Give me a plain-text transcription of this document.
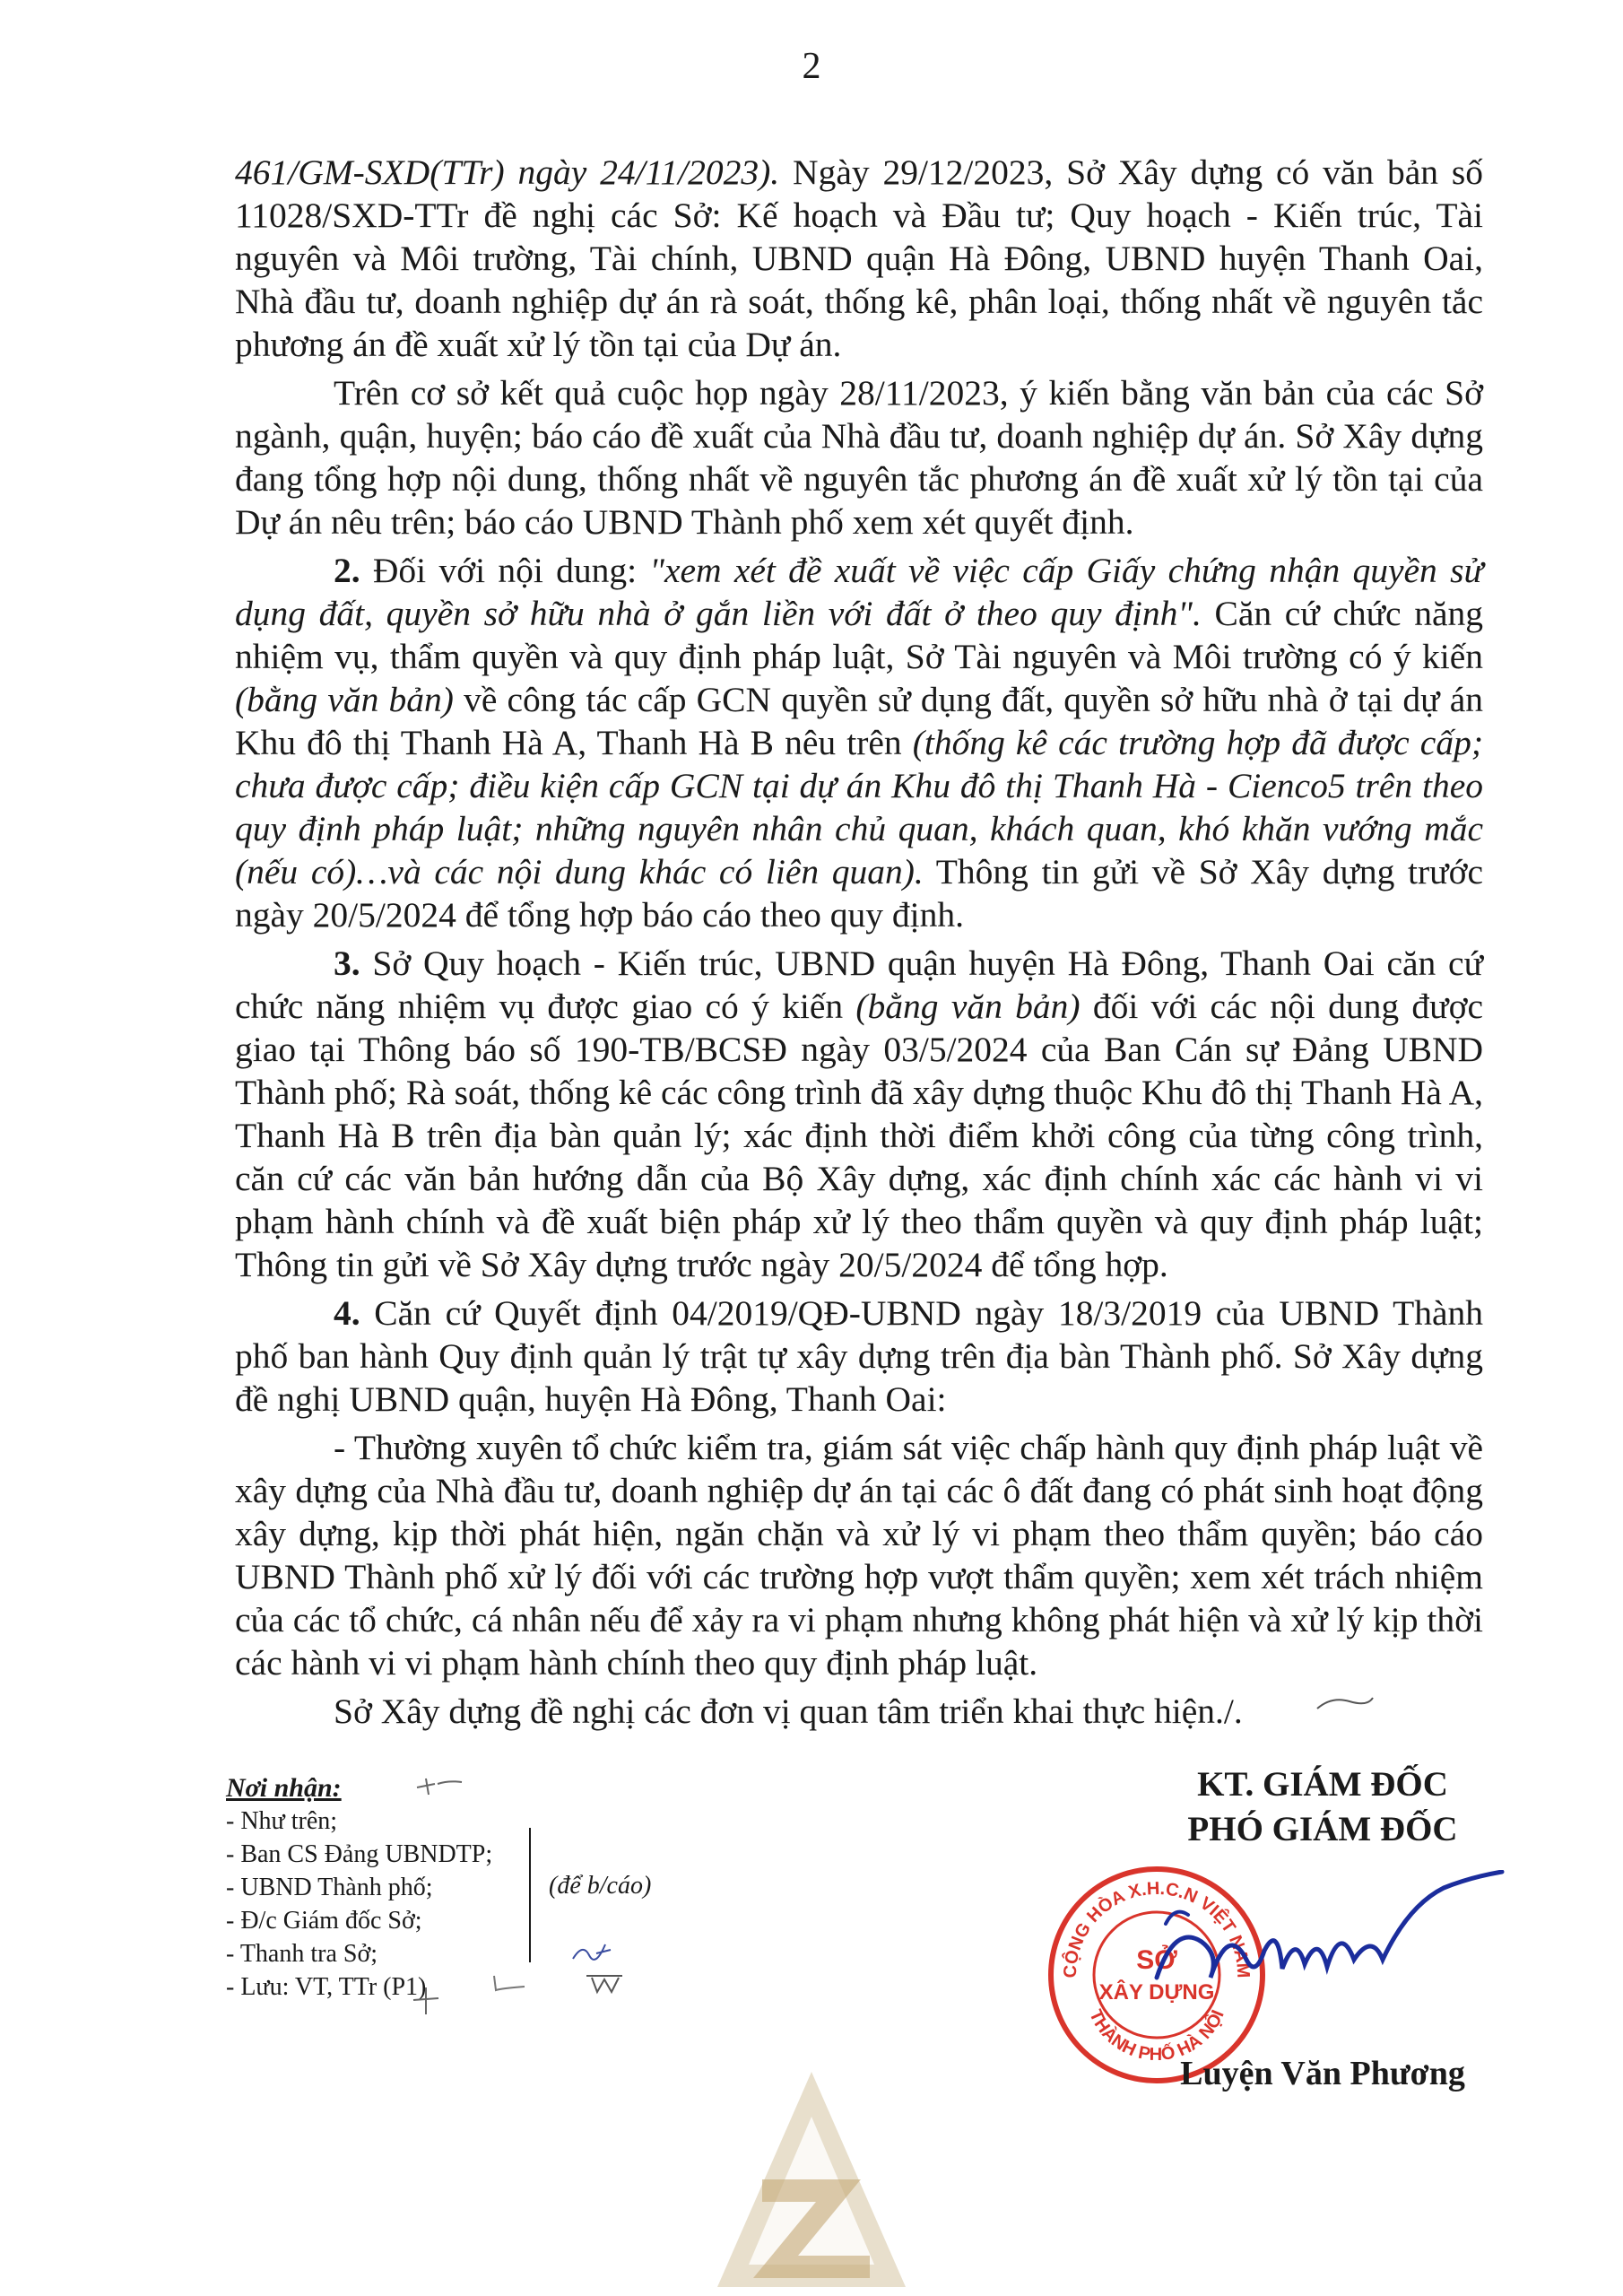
2

461/GM-SXD(TTr) ngày 24/11/2023). Ngày 29/12/2023, Sở Xây dựng có văn bản số 11028/SXD-TTr đề nghị các Sở: Kế hoạch và Đầu tư; Quy hoạch - Kiến trúc, Tài nguyên và Môi trường, Tài chính, UBND quận Hà Đông, UBND huyện Thanh Oai, Nhà đầu tư, doanh nghiệp dự án rà soát, thống kê, phân loại, thống nhất về nguyên tắc phương án đề xuất xử lý tồn tại của Dự án.

Trên cơ sở kết quả cuộc họp ngày 28/11/2023, ý kiến bằng văn bản của các Sở ngành, quận, huyện; báo cáo đề xuất của Nhà đầu tư, doanh nghiệp dự án. Sở Xây dựng đang tổng hợp nội dung, thống nhất về nguyên tắc phương án đề xuất xử lý tồn tại của Dự án nêu trên; báo cáo UBND Thành phố xem xét quyết định.

2. Đối với nội dung: "xem xét đề xuất về việc cấp Giấy chứng nhận quyền sử dụng đất, quyền sở hữu nhà ở gắn liền với đất ở theo quy định". Căn cứ chức năng nhiệm vụ, thẩm quyền và quy định pháp luật, Sở Tài nguyên và Môi trường có ý kiến (bằng văn bản) về công tác cấp GCN quyền sử dụng đất, quyền sở hữu nhà ở tại dự án Khu đô thị Thanh Hà A, Thanh Hà B nêu trên (thống kê các trường hợp đã được cấp; chưa được cấp; điều kiện cấp GCN tại dự án Khu đô thị Thanh Hà - Cienco5 trên theo quy định pháp luật; những nguyên nhân chủ quan, khách quan, khó khăn vướng mắc (nếu có)…và các nội dung khác có liên quan). Thông tin gửi về Sở Xây dựng trước ngày 20/5/2024 để tổng hợp báo cáo theo quy định.

3. Sở Quy hoạch - Kiến trúc, UBND quận huyện Hà Đông, Thanh Oai căn cứ chức năng nhiệm vụ được giao có ý kiến (bằng văn bản) đối với các nội dung được giao tại Thông báo số 190-TB/BCSĐ ngày 03/5/2024 của Ban Cán sự Đảng UBND Thành phố; Rà soát, thống kê các công trình đã xây dựng thuộc Khu đô thị Thanh Hà A, Thanh Hà B trên địa bàn quản lý; xác định thời điểm khởi công của từng công trình, căn cứ các văn bản hướng dẫn của Bộ Xây dựng, xác định chính xác các hành vi vi phạm hành chính và đề xuất biện pháp xử lý theo thẩm quyền và quy định pháp luật; Thông tin gửi về Sở Xây dựng trước ngày 20/5/2024 để tổng hợp.

4. Căn cứ Quyết định 04/2019/QĐ-UBND ngày 18/3/2019 của UBND Thành phố ban hành Quy định quản lý trật tự xây dựng trên địa bàn Thành phố. Sở Xây dựng đề nghị UBND quận, huyện Hà Đông, Thanh Oai:

- Thường xuyên tổ chức kiểm tra, giám sát việc chấp hành quy định pháp luật về xây dựng của Nhà đầu tư, doanh nghiệp dự án tại các ô đất đang có phát sinh hoạt động xây dựng, kịp thời phát hiện, ngăn chặn và xử lý vi phạm theo thẩm quyền; báo cáo UBND Thành phố xử lý đối với các trường hợp vượt thẩm quyền; xem xét trách nhiệm của các tổ chức, cá nhân nếu để xảy ra vi phạm nhưng không phát hiện và xử lý kịp thời các hành vi vi phạm hành chính theo quy định pháp luật.

Sở Xây dựng đề nghị các đơn vị quan tâm triển khai thực hiện./.

Nơi nhận:
- Như trên;
- Ban CS Đảng UBNDTP;
- UBND Thành phố;
- Đ/c Giám đốc Sở;
- Thanh tra Sở;
- Lưu: VT, TTr (P1)
(để b/cáo)
KT. GIÁM ĐỐC
PHÓ GIÁM ĐỐC
CỘNG HÒA X.H.C.N VIỆT NAM
THÀNH PHỐ HÀ NỘI
SỞ
XÂY DỰNG
Luyện Văn Phương
